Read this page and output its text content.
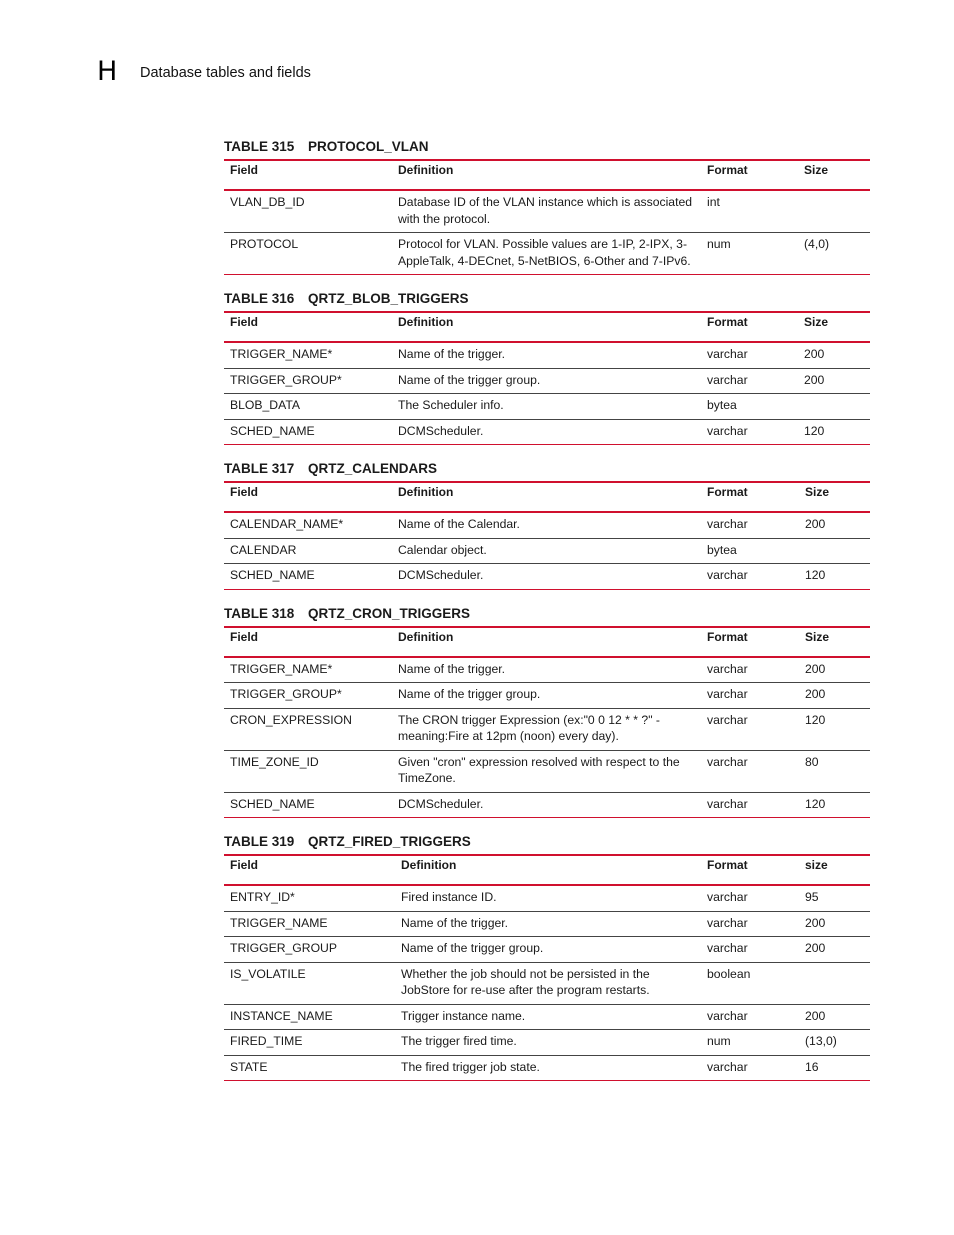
H Database tables and fields
TABLE 315 PROTOCOL_VLAN
Field	Definition	Format	Size
VLAN_DB_ID	Database ID of the VLAN instance which is associated with the protocol.	int	
PROTOCOL	Protocol for VLAN. Possible values are 1-IP, 2-IPX, 3-AppleTalk, 4-DECnet, 5-NetBIOS, 6-Other and 7-IPv6.	num	(4,0)
TABLE 316 QRTZ_BLOB_TRIGGERS
Field	Definition	Format	Size
TRIGGER_NAME*	Name of the trigger.	varchar	200
TRIGGER_GROUP*	Name of the trigger group.	varchar	200
BLOB_DATA	The Scheduler info.	bytea	
SCHED_NAME	DCMScheduler.	varchar	120
TABLE 317 QRTZ_CALENDARS
Field	Definition	Format	Size
CALENDAR_NAME*	Name of the Calendar.	varchar	200
CALENDAR	Calendar object.	bytea	
SCHED_NAME	DCMScheduler.	varchar	120
TABLE 318 QRTZ_CRON_TRIGGERS
Field	Definition	Format	Size
TRIGGER_NAME*	Name of the trigger.	varchar	200
TRIGGER_GROUP*	Name of the trigger group.	varchar	200
CRON_EXPRESSION	The CRON trigger Expression (ex:"0 0 12 * * ?" - meaning:Fire at 12pm (noon) every day).	varchar	120
TIME_ZONE_ID	Given "cron" expression resolved with respect to the TimeZone.	varchar	80
SCHED_NAME	DCMScheduler.	varchar	120
TABLE 319 QRTZ_FIRED_TRIGGERS
Field	Definition	Format	size
ENTRY_ID*	Fired instance ID.	varchar	95
TRIGGER_NAME	Name of the trigger.	varchar	200
TRIGGER_GROUP	Name of the trigger group.	varchar	200
IS_VOLATILE	Whether the job should not be persisted in the JobStore for re-use after the program restarts.	boolean	
INSTANCE_NAME	Trigger instance name.	varchar	200
FIRED_TIME	The trigger fired time.	num	(13,0)
STATE	The fired trigger job state.	varchar	16
